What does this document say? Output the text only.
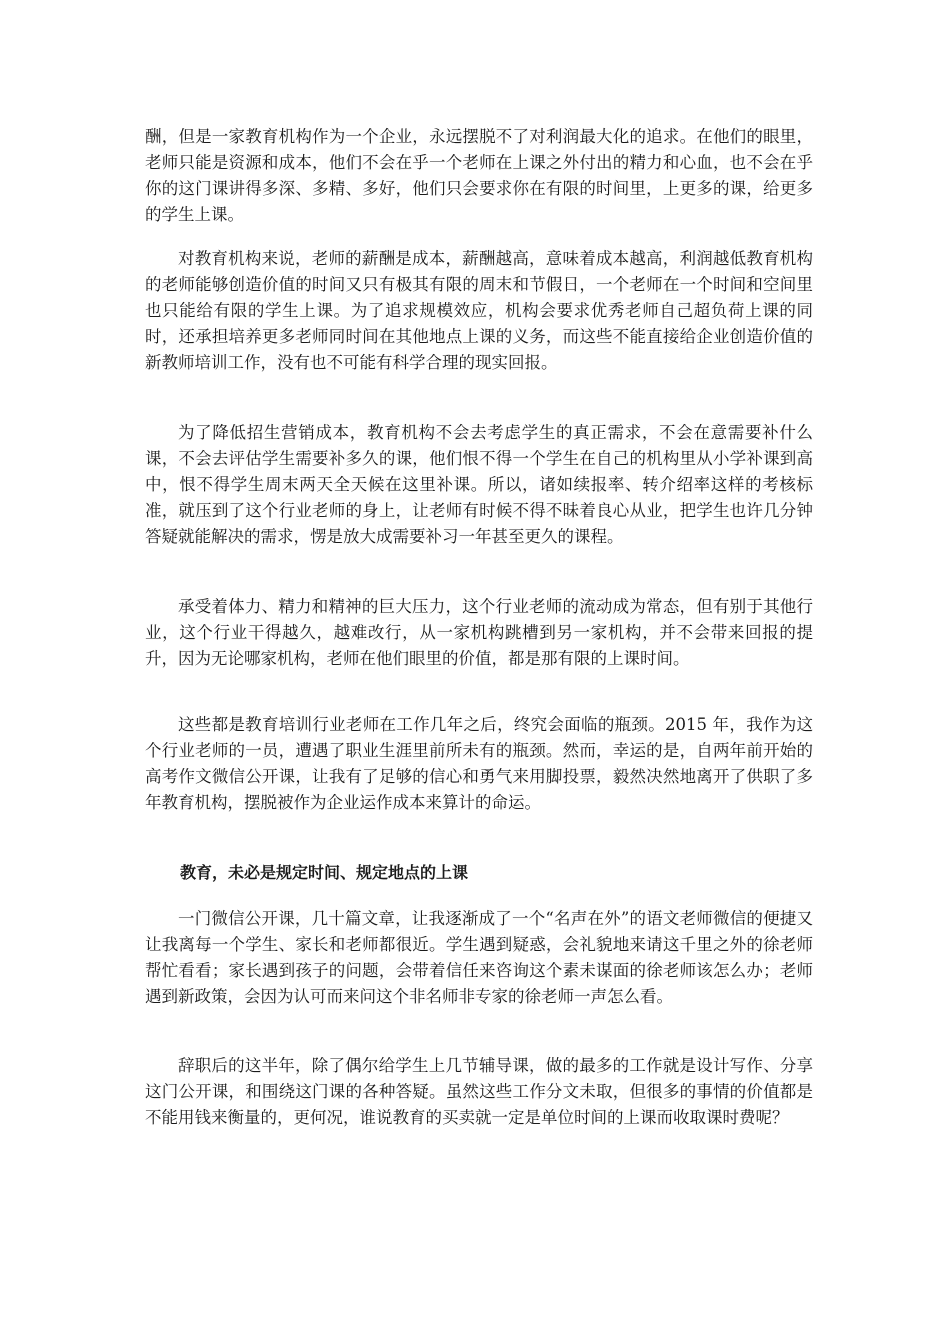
酬，但是一家教育机构作为一个企业，永远摆脱不了对利润最大化的追求。在他们的眼里，老师只能是资源和成本，他们不会在乎一个老师在上课之外付出的精力和心血，也不会在乎你的这门课讲得多深、多精、多好，他们只会要求你在有限的时间里，上更多的课，给更多的学生上课。

对教育机构来说，老师的薪酬是成本，薪酬越高，意味着成本越高，利润越低教育机构的老师能够创造价值的时间又只有极其有限的周末和节假日，一个老师在一个时间和空间里也只能给有限的学生上课。为了追求规模效应，机构会要求优秀老师自己超负荷上课的同时，还承担培养更多老师同时间在其他地点上课的义务，而这些不能直接给企业创造价值的新教师培训工作，没有也不可能有科学合理的现实回报。

为了降低招生营销成本，教育机构不会去考虑学生的真正需求，不会在意需要补什么课，不会去评估学生需要补多久的课，他们恨不得一个学生在自己的机构里从小学补课到高中，恨不得学生周末两天全天候在这里补课。所以，诸如续报率、转介绍率这样的考核标准，就压到了这个行业老师的身上，让老师有时候不得不昧着良心从业，把学生也许几分钟答疑就能解决的需求，愣是放大成需要补习一年甚至更久的课程。

承受着体力、精力和精神的巨大压力，这个行业老师的流动成为常态，但有别于其他行业，这个行业干得越久，越难改行，从一家机构跳槽到另一家机构，并不会带来回报的提升，因为无论哪家机构，老师在他们眼里的价值，都是那有限的上课时间。

这些都是教育培训行业老师在工作几年之后，终究会面临的瓶颈。2015 年，我作为这个行业老师的一员，遭遇了职业生涯里前所未有的瓶颈。然而，幸运的是，自两年前开始的高考作文微信公开课，让我有了足够的信心和勇气来用脚投票，毅然决然地离开了供职了多年教育机构，摆脱被作为企业运作成本来算计的命运。

教育，未必是规定时间、规定地点的上课

一门微信公开课，几十篇文章，让我逐渐成了一个“名声在外”的语文老师微信的便捷又让我离每一个学生、家长和老师都很近。学生遇到疑惑，会礼貌地来请这千里之外的徐老师帮忙看看；家长遇到孩子的问题，会带着信任来咨询这个素未谋面的徐老师该怎么办；老师遇到新政策，会因为认可而来问这个非名师非专家的徐老师一声怎么看。

辞职后的这半年，除了偶尔给学生上几节辅导课，做的最多的工作就是设计写作、分享这门公开课，和围绕这门课的各种答疑。虽然这些工作分文未取，但很多的事情的价值都是不能用钱来衡量的，更何况，谁说教育的买卖就一定是单位时间的上课而收取课时费呢？
